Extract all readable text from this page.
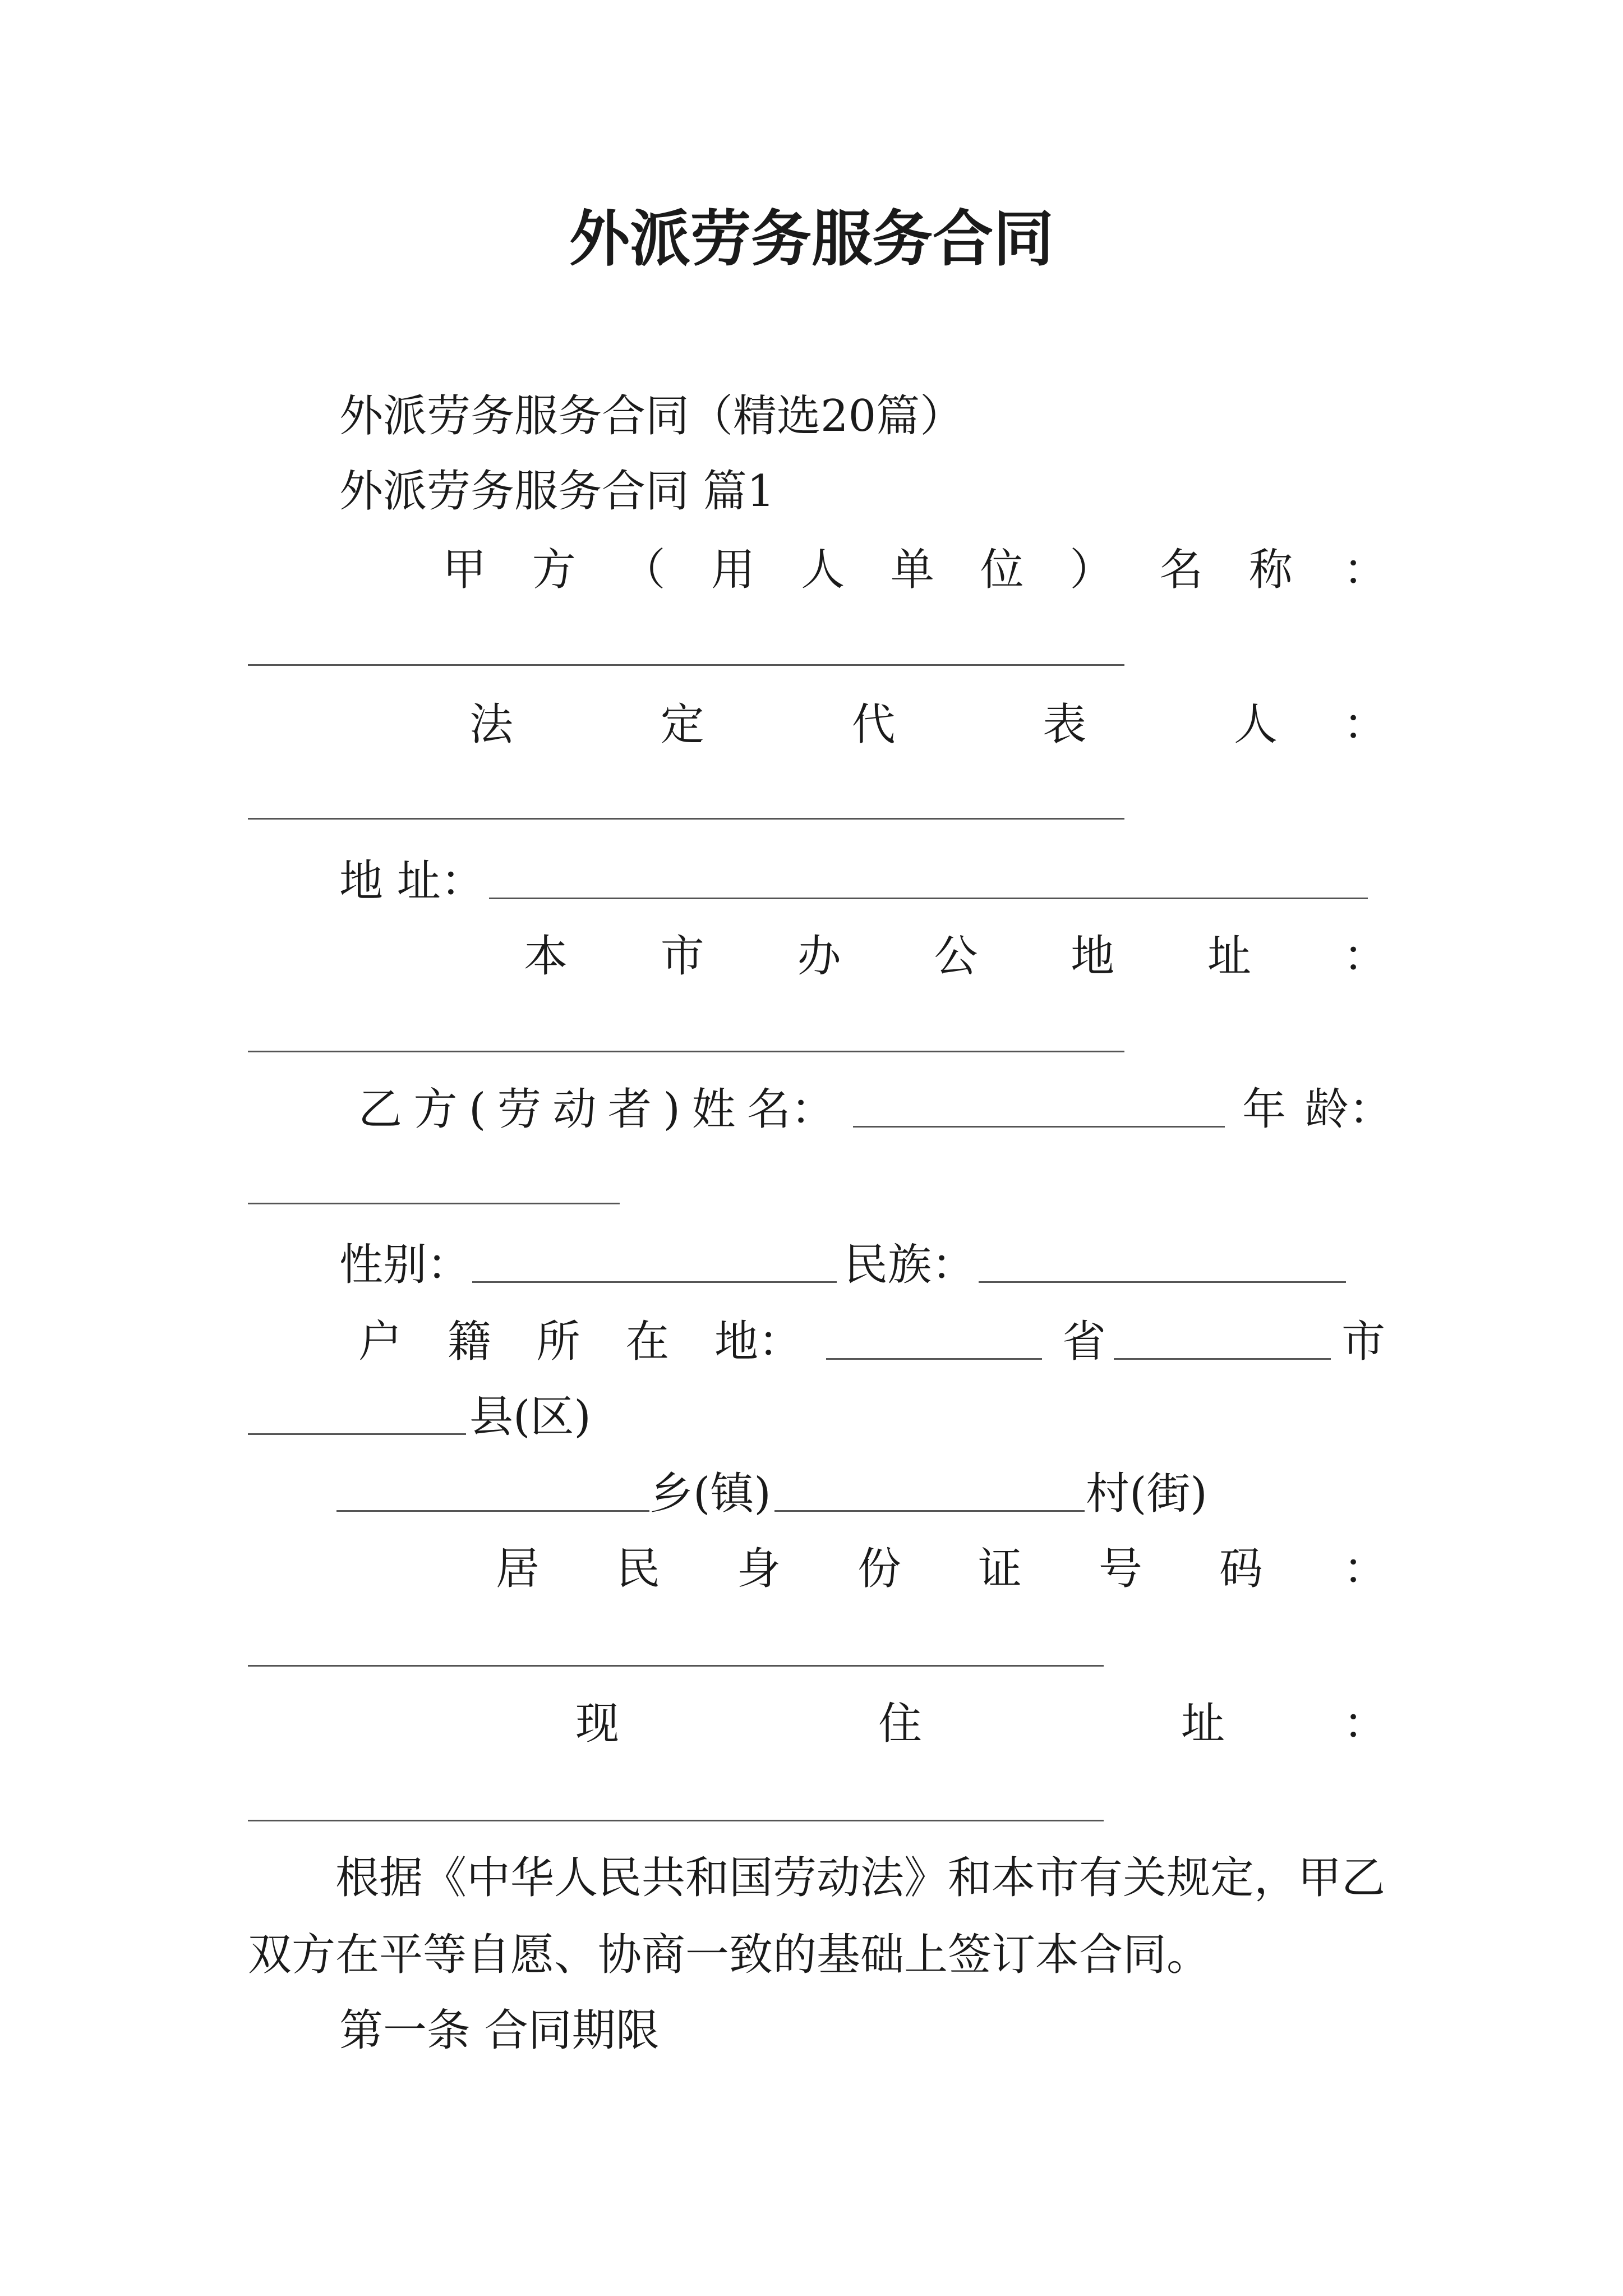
外派劳务服务合同
外派劳务服务合同（精选20篇）
外派劳务服务合同 篇1
甲 方 （ 用 人 单 位 ） 名 称 ：
法	定	代	表	人 ：
地 址：
本 市 办 公 地 址 ：
乙 方 ( 劳 动 者 ) 姓 名 ：	年 龄 ：
性别：	民族：
户 籍 所 在 地 ：	省	市
县(区)
乡(镇)	村(街)
居 民 身 份 证 号 码 ：
现	住	址	：
根据《中华人民共和国劳动法》和本市有关规定，甲乙双方在平等自愿、协商一致的基础上签订本合同。
第一条 合同期限
